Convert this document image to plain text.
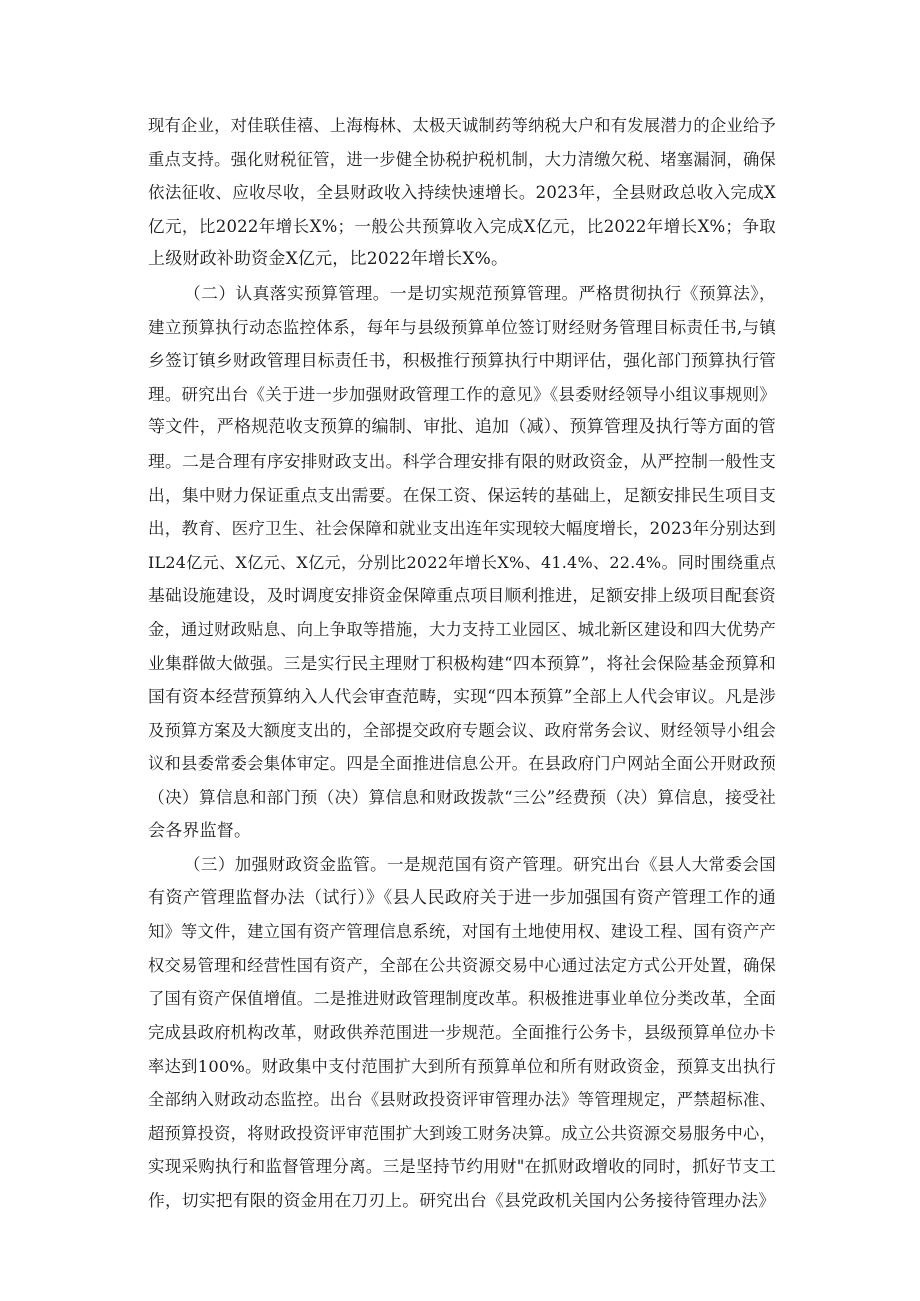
现有企业，对佳联佳禧、上海梅林、太极天诚制药等纳税大户和有发展潜力的企业给予
重点支持。强化财税征管，进一步健全协税护税机制，大力清缴欠税、堵塞漏洞，确保
依法征收、应收尽收，全县财政收入持续快速增长。2023年，全县财政总收入完成X
亿元，比2022年增长X%；一般公共预算收入完成X亿元，比2022年增长X%；争取
上级财政补助资金X亿元，比2022年增长X%。
（二）认真落实预算管理。一是切实规范预算管理。严格贯彻执行《预算法》，
建立预算执行动态监控体系，每年与县级预算单位签订财经财务管理目标责任书,与镇
乡签订镇乡财政管理目标责任书，积极推行预算执行中期评估，强化部门预算执行管
理。研究出台《关于进一步加强财政管理工作的意见》《县委财经领导小组议事规则》
等文件，严格规范收支预算的编制、审批、追加（减）、预算管理及执行等方面的管
理。二是合理有序安排财政支出。科学合理安排有限的财政资金，从严控制一般性支
出，集中财力保证重点支出需要。在保工资、保运转的基础上，足额安排民生项目支
出，教育、医疗卫生、社会保障和就业支出连年实现较大幅度增长，2023年分别达到
IL24亿元、X亿元、X亿元，分别比2022年增长X%、41.4%、22.4%。同时围绕重点
基础设施建设，及时调度安排资金保障重点项目顺利推进，足额安排上级项目配套资
金，通过财政贴息、向上争取等措施，大力支持工业园区、城北新区建设和四大优势产
业集群做大做强。三是实行民主理财丁积极构建“四本预算”，将社会保险基金预算和
国有资本经营预算纳入人代会审查范畴，实现“四本预算”全部上人代会审议。凡是涉
及预算方案及大额度支出的，全部提交政府专题会议、政府常务会议、财经领导小组会
议和县委常委会集体审定。四是全面推进信息公开。在县政府门户网站全面公开财政预
（决）算信息和部门预（决）算信息和财政拨款“三公”经费预（决）算信息，接受社
会各界监督。
（三）加强财政资金监管。一是规范国有资产管理。研究出台《县人大常委会国
有资产管理监督办法（试行）》《县人民政府关于进一步加强国有资产管理工作的通
知》等文件，建立国有资产管理信息系统，对国有土地使用权、建设工程、国有资产产
权交易管理和经营性国有资产，全部在公共资源交易中心通过法定方式公开处置，确保
了国有资产保值增值。二是推进财政管理制度改革。积极推进事业单位分类改革，全面
完成县政府机构改革，财政供养范围进一步规范。全面推行公务卡，县级预算单位办卡
率达到100%。财政集中支付范围扩大到所有预算单位和所有财政资金，预算支出执行
全部纳入财政动态监控。出台《县财政投资评审管理办法》等管理规定，严禁超标准、
超预算投资，将财政投资评审范围扩大到竣工财务决算。成立公共资源交易服务中心，
实现采购执行和监督管理分离。三是坚持节约用财"在抓财政增收的同时，抓好节支工
作，切实把有限的资金用在刀刃上。研究出台《县党政机关国内公务接待管理办法》
